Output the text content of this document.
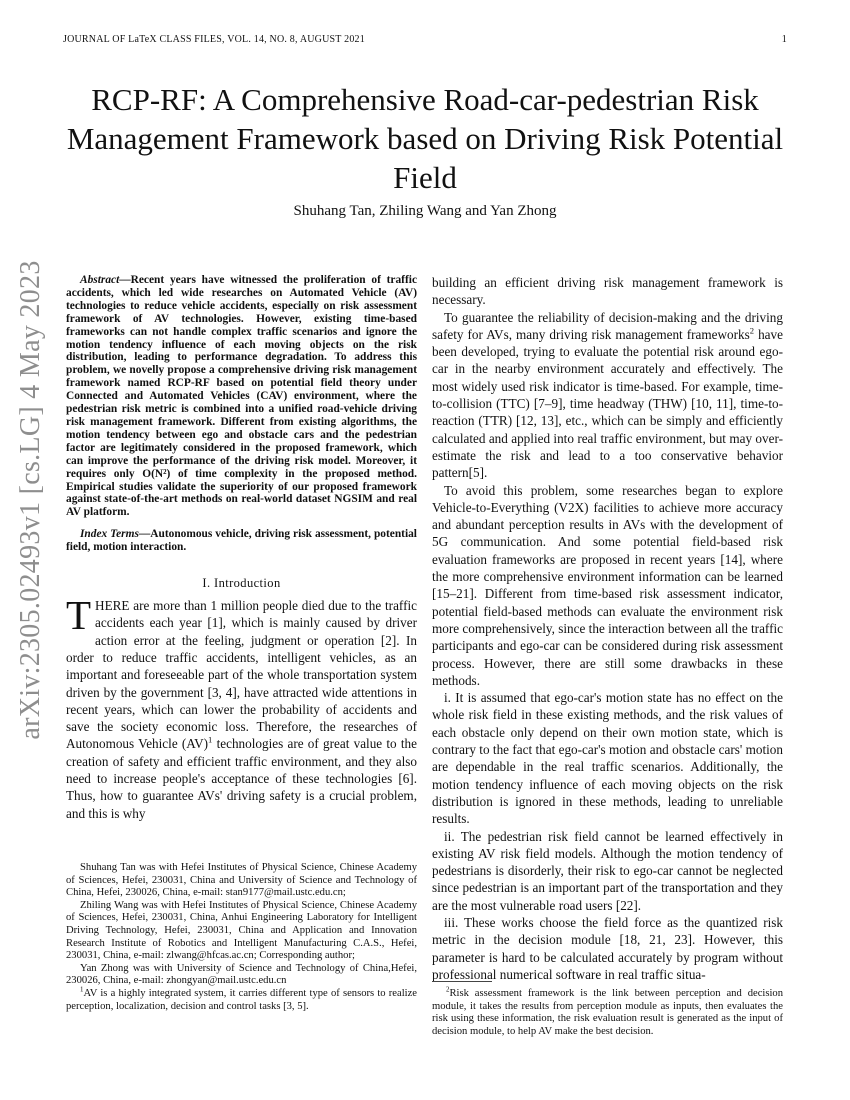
JOURNAL OF LaTeX CLASS FILES, VOL. 14, NO. 8, AUGUST 2021	1
RCP-RF: A Comprehensive Road-car-pedestrian Risk Management Framework based on Driving Risk Potential Field
Shuhang Tan, Zhiling Wang and Yan Zhong
arXiv:2305.02493v1 [cs.LG] 4 May 2023	Abstract—Recent years have witnessed the proliferation of traffic accidents, which led wide researches on Automated Vehicle (AV) technologies to reduce vehicle accidents, especially on risk assessment framework of AV technologies. However, existing time-based frameworks can not handle complex traffic scenarios and ignore the motion tendency influence of each moving objects on the risk distribution, leading to performance degradation. To address this problem, we novelly propose a comprehensive driving risk management framework named RCP-RF based on potential field theory under Connected and Automated Vehicles (CAV) environment, where the pedestrian risk metric is combined into a unified road-vehicle driving risk management framework. Different from existing algorithms, the motion tendency between ego and obstacle cars and the pedestrian factor are legitimately considered in the proposed framework, which can improve the performance of the driving risk model. Moreover, it requires only O(N²) of time complexity in the proposed method. Empirical studies validate the superiority of our proposed framework against state-of-the-art methods on real-world dataset NGSIM and real AV platform.

Index Terms—Autonomous vehicle, driving risk assessment, potential field, motion interaction.

I. Introduction

THERE are more than 1 million people died due to the traffic accidents each year [1], which is mainly caused by driver action error at the feeling, judgment or operation [2]. In order to reduce traffic accidents, intelligent vehicles, as an important and foreseeable part of the whole transportation system driven by the government [3, 4], have attracted wide attentions in recent years, which can lower the probability of accidents and save the society economic loss. Therefore, the researches of Autonomous Vehicle (AV)$^1$ technologies are of great value to the creation of safety and efficient traffic environment, and they also need to increase people's acceptance of these technologies [6]. Thus, how to guarantee AVs' driving safety is a crucial problem, and this is why

Shuhang Tan was with Hefei Institutes of Physical Science, Chinese Academy of Sciences, Hefei, 230031, China and University of Science and Technology of China, Hefei, 230026, China, e-mail: stan9177@mail.ustc.edu.cn;

Zhiling Wang was with Hefei Institutes of Physical Science, Chinese Academy of Sciences, Hefei, 230031, China, Anhui Engineering Laboratory for Intelligent Driving Technology, Hefei, 230031, China and Application and Innovation Research Institute of Robotics and Intelligent Manufacturing C.A.S., Hefei, 230031, China, e-mail: zlwang@hfcas.ac.cn; Corresponding author;

Yan Zhong was with University of Science and Technology of China,Hefei, 230026, China, e-mail: zhongyan@mail.ustc.edu.cn

$^1$AV is a highly integrated system, it carries different type of sensors to realize perception, localization, decision and control tasks [3, 5].

building an efficient driving risk management framework is necessary.

To guarantee the reliability of decision-making and the driving safety for AVs, many driving risk management frameworks$^2$ have been developed, trying to evaluate the potential risk around ego-car in the nearby environment accurately and effectively. The most widely used risk indicator is time-based. For example, time-to-collision (TTC) [7–9], time headway (THW) [10, 11], time-to-reaction (TTR) [12, 13], etc., which can be simply and efficiently calculated and applied into real traffic environment, but may over-estimate the risk and lead to a too conservative behavior pattern[5].

To avoid this problem, some researches began to explore Vehicle-to-Everything (V2X) facilities to achieve more accuracy and abundant perception results in AVs with the development of 5G communication. And some potential field-based risk evaluation frameworks are proposed in recent years [14], where the more comprehensive environment information can be learned [15–21]. Different from time-based risk assessment indicator, potential field-based methods can evaluate the environment risk more comprehensively, since the interaction between all the traffic participants and ego-car can be considered during risk assessment process. However, there are still some drawbacks in these methods.

i. It is assumed that ego-car's motion state has no effect on the whole risk field in these existing methods, and the risk values of each obstacle only depend on their own motion state, which is contrary to the fact that ego-car's motion and obstacle cars' motion are dependable in the real traffic scenarios. Additionally, the motion tendency influence of each moving objects on the risk distribution is ignored in these methods, leading to unreliable results.

ii. The pedestrian risk field cannot be learned effectively in existing AV risk field models. Although the motion tendency of pedestrians is disorderly, their risk to ego-car cannot be neglected since pedestrian is an important part of the transportation and they are the most vulnerable road users [22].

iii. These works choose the field force as the quantized risk metric in the decision module [18, 21, 23]. However, this parameter is hard to be calculated accurately by program without professional numerical software in real traffic situa-

$^2$Risk assessment framework is the link between perception and decision module, it takes the results from perception module as inputs, then evaluates the risk using these information, the risk evaluation result is generated as the input of decision module, to help AV make the best decision.
